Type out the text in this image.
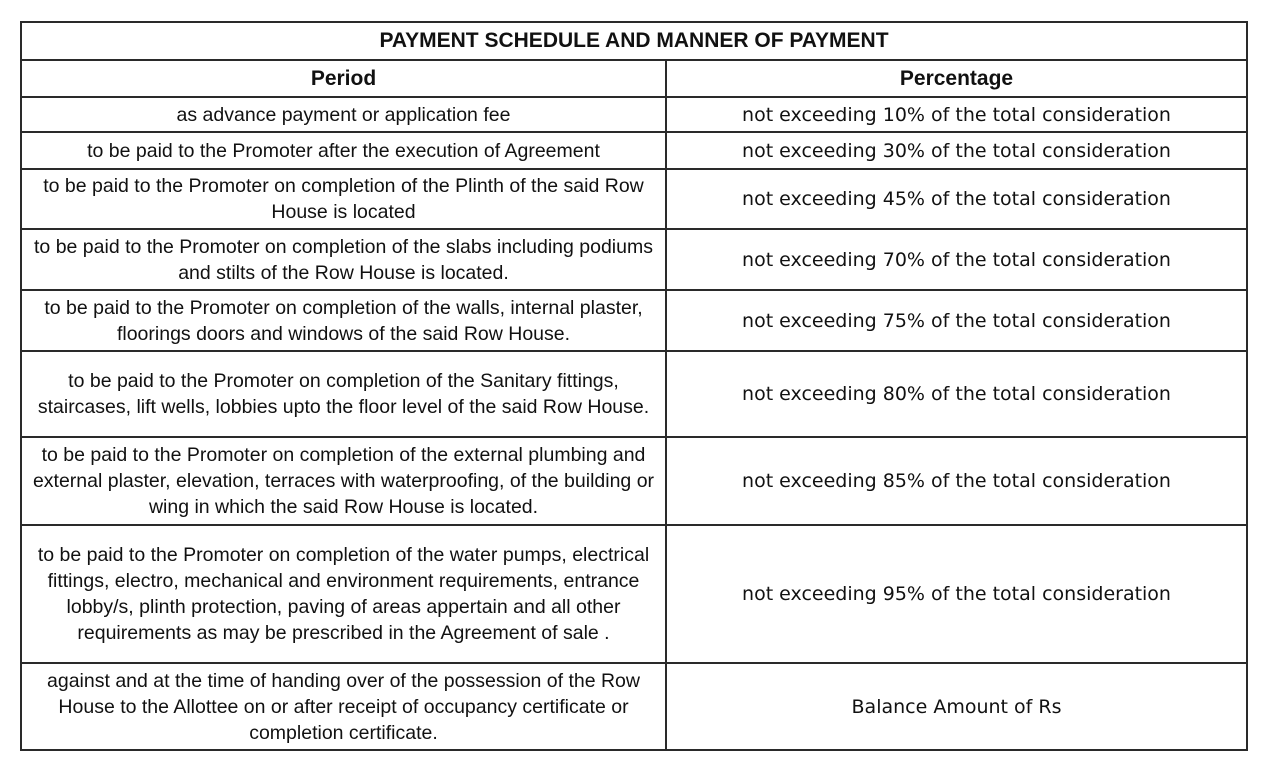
PAYMENT SCHEDULE AND MANNER OF PAYMENT	
Period	Percentage
as advance payment or application fee	not exceeding 10% of the total consideration
to be paid to the Promoter after the execution of Agreement	not exceeding 30% of the total consideration
to be paid to the Promoter on completion of the Plinth of the said Row House is located	not exceeding 45% of the total consideration
to be paid to the Promoter on completion of the slabs including podiums and stilts of the Row House is located.	not exceeding 70% of the total consideration
to be paid to the Promoter on completion of the walls, internal plaster, floorings doors and windows of the said Row House.	not exceeding 75% of the total consideration
to be paid to the Promoter on completion of the Sanitary fittings, staircases, lift wells, lobbies upto the floor level of the said Row House.	not exceeding 80% of the total consideration
to be paid to the Promoter on completion of the external plumbing and external plaster, elevation, terraces with waterproofing, of the building or wing in which the said Row House is located.	not exceeding 85% of the total consideration
to be paid to the Promoter on completion of the water pumps, electrical fittings, electro, mechanical and environment requirements, entrance lobby/s, plinth protection, paving of areas appertain and all other requirements as may be prescribed in the Agreement of sale .	not exceeding 95% of the total consideration
against and at the time of handing over of the possession of the Row House to the Allottee on or after receipt of occupancy certificate or completion certificate.	Balance Amount of Rs
